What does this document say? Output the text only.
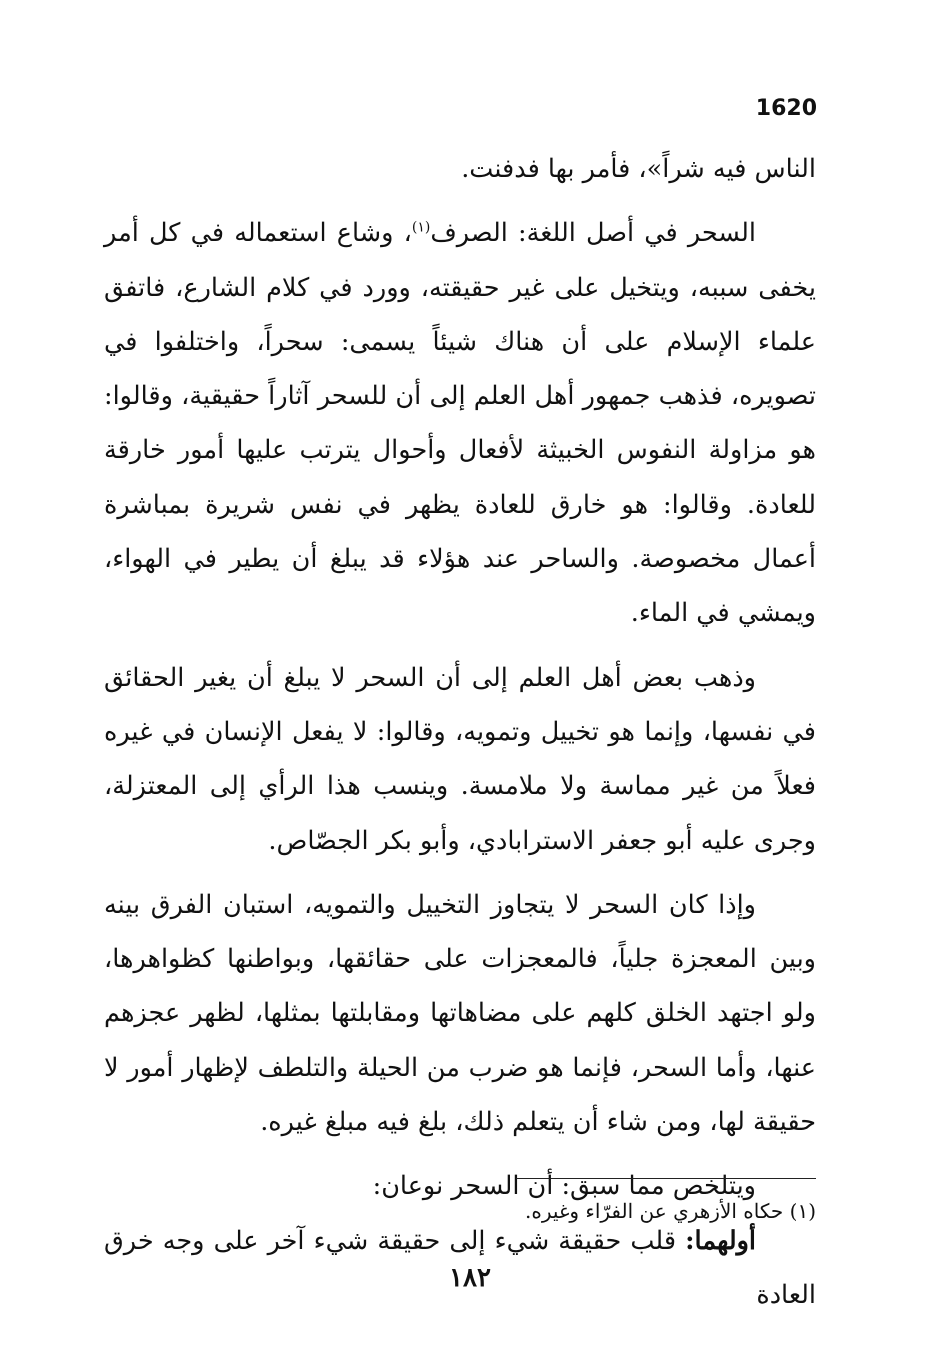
1620

الناس فيه شراً»، فأمر بها فدفنت.

السحر في أصل اللغة: الصرف$^{(١)}$، وشاع استعماله في كل أمر يخفى سببه، ويتخيل على غير حقيقته، وورد في كلام الشارع، فاتفق علماء الإسلام على أن هناك شيئاً يسمى: سحراً، واختلفوا في تصويره، فذهب جمهور أهل العلم إلى أن للسحر آثاراً حقيقية، وقالوا: هو مزاولة النفوس الخبيثة لأفعال وأحوال يترتب عليها أمور خارقة للعادة. وقالوا: هو خارق للعادة يظهر في نفس شريرة بمباشرة أعمال مخصوصة. والساحر عند هؤلاء قد يبلغ أن يطير في الهواء، ويمشي في الماء.

وذهب بعض أهل العلم إلى أن السحر لا يبلغ أن يغير الحقائق في نفسها، وإنما هو تخييل وتمويه، وقالوا: لا يفعل الإنسان في غيره فعلاً من غير مماسة ولا ملامسة. وينسب هذا الرأي إلى المعتزلة، وجرى عليه أبو جعفر الاسترابادي، وأبو بكر الجصّاص.

وإذا كان السحر لا يتجاوز التخييل والتمويه، استبان الفرق بينه وبين المعجزة جلياً، فالمعجزات على حقائقها، وبواطنها كظواهرها، ولو اجتهد الخلق كلهم على مضاهاتها ومقابلتها بمثلها، لظهر عجزهم عنها، وأما السحر، فإنما هو ضرب من الحيلة والتلطف لإظهار أمور لا حقيقة لها، ومن شاء أن يتعلم ذلك، بلغ فيه مبلغ غيره.

ويتلخص مما سبق: أن السحر نوعان:

أولهما: قلب حقيقة شيء إلى حقيقة شيء آخر على وجه خرق العادة

(١) حكاه الأزهري عن الفرّاء وغيره.
١٨٢
